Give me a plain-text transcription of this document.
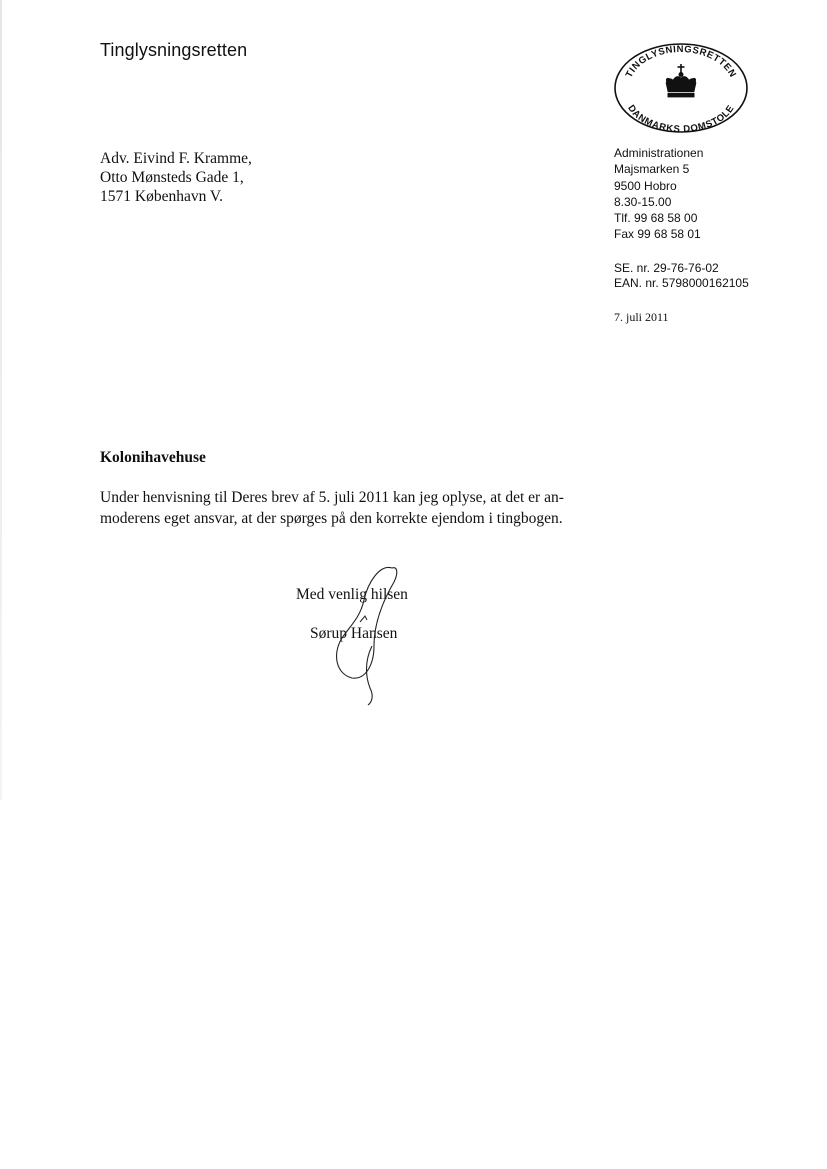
Tinglysningsretten
Adv. Eivind F. Kramme,
Otto Mønsteds Gade 1,
1571 København V.
TINGLYSNINGSRETTEN
DANMARKS DOMSTOLE
Administrationen
Majsmarken 5
9500 Hobro
8.30-15.00
Tlf. 99 68 58 00
Fax 99 68 58 01
SE. nr. 29-76-76-02
EAN. nr. 5798000162105
7. juli 2011
Kolonihavehuse
Under henvisning til Deres brev af 5. juli 2011 kan jeg oplyse, at det er an-
moderens eget ansvar, at der spørges på den korrekte ejendom i tingbogen.
Med venlig hilsen
Sørup Hansen
